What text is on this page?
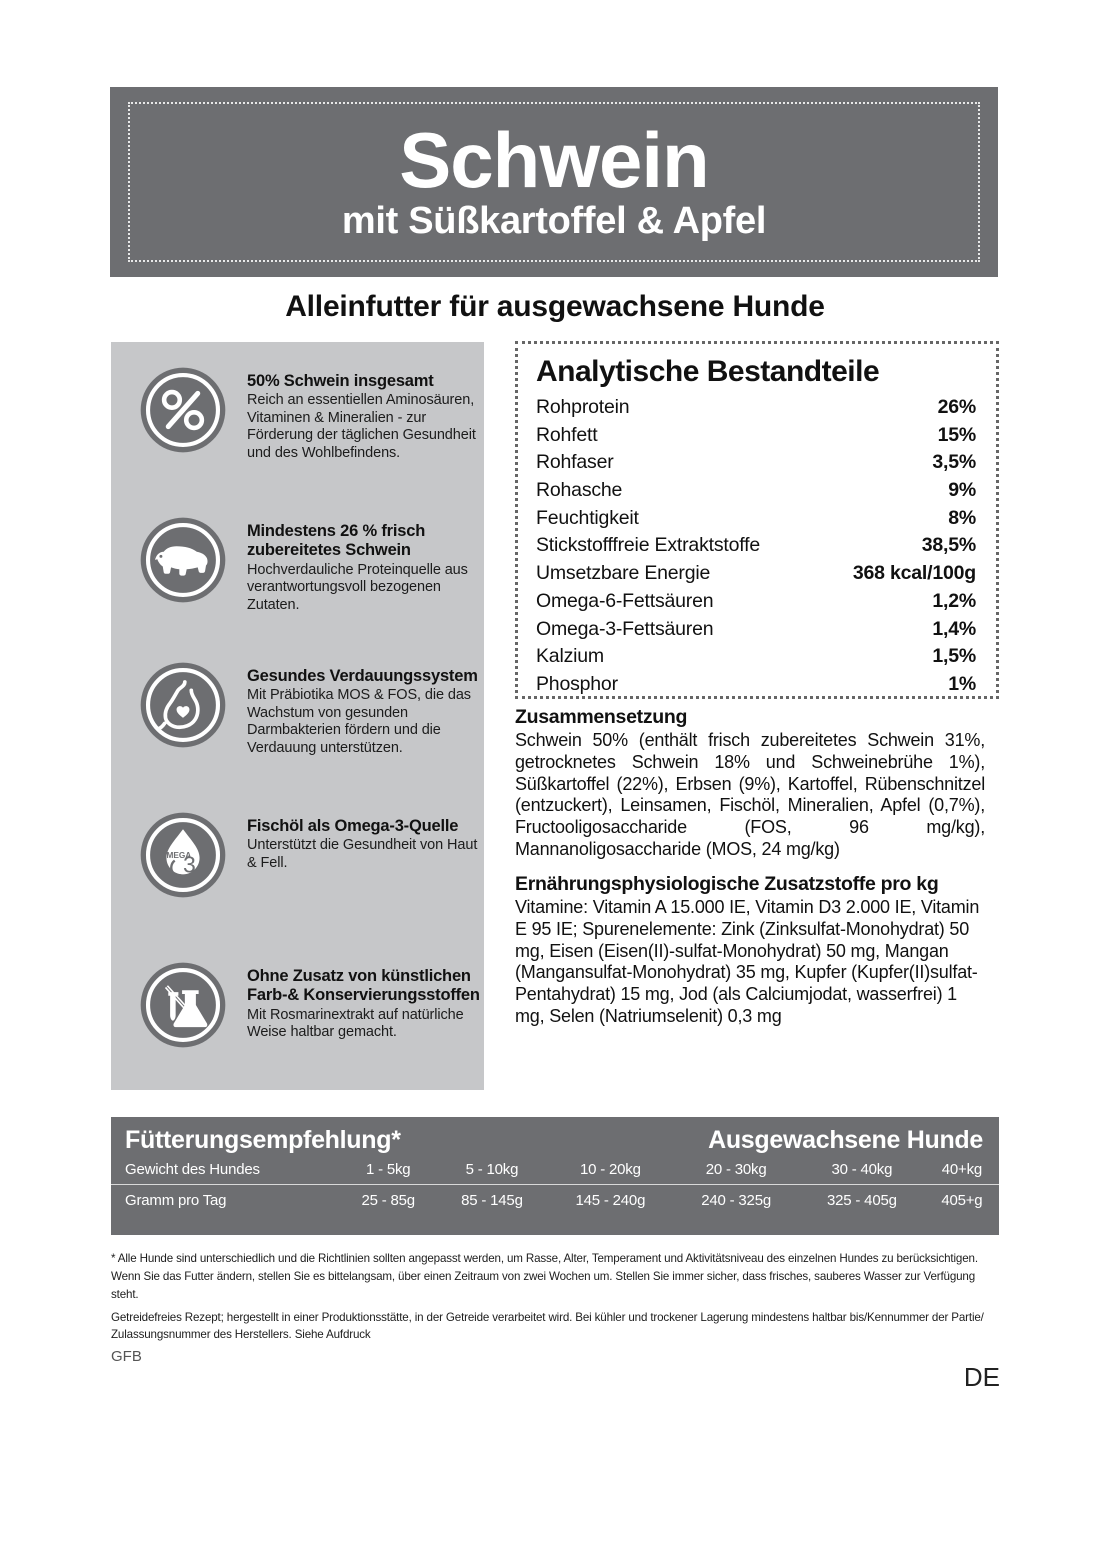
Schwein
mit Süßkartoffel & Apfel
Alleinfutter für ausgewachsene Hunde
50% Schwein insgesamt
Reich an essentiellen Aminosäuren, Vitaminen & Mineralien - zur Förderung der täglichen Gesundheit und des Wohlbefindens.
Mindestens 26 % frisch zubereitetes Schwein
Hochverdauliche Proteinquelle aus verantwortungsvoll bezogenen Zutaten.
Gesundes Verdauungssystem
Mit Präbiotika MOS & FOS, die das Wachstum von gesunden Darmbakterien fördern und die Verdauung unterstützen.
OMEGA
3
Fischöl als Omega-3-Quelle
Unterstützt die Gesundheit von Haut & Fell.
Ohne Zusatz von künstlichen Farb-& Konservierungsstoffen
Mit Rosmarinextrakt auf natürliche Weise haltbar gemacht.
Analytische Bestandteile
Rohprotein	26%
Rohfett	15%
Rohfaser	3,5%
Rohasche	9%
Feuchtigkeit	8%
Stickstofffreie Extraktstoffe	38,5%
Umsetzbare Energie	368 kcal/100g
Omega-6-Fettsäuren	1,2%
Omega-3-Fettsäuren	1,4%
Kalzium	1,5%
Phosphor	1%
Zusammensetzung

Schwein 50% (enthält frisch zubereitetes Schwein 31%, getrocknetes Schwein 18% und Schweinebrühe 1%), Süßkartoffel (22%), Erbsen (9%), Kartoffel, Rübenschnitzel (entzuckert), Leinsamen, Fischöl, Mineralien, Apfel (0,7%), Fructooligosaccharide (FOS, 96 mg/kg), Mannanoligosaccharide (MOS, 24 mg/kg)

Ernährungsphysiologische Zusatzstoffe pro kg

Vitamine: Vitamin A 15.000 IE, Vitamin D3 2.000 IE, Vitamin E 95 IE; Spurenelemente: Zink (Zinksulfat-Monohydrat) 50 mg, Eisen (Eisen(II)-sulfat-Monohydrat) 50 mg, Mangan (Mangansulfat-Monohydrat) 35 mg, Kupfer (Kupfer(II)sulfat-Pentahydrat) 15 mg, Jod (als Calciumjodat, wasserfrei) 1 mg, Selen (Natriumselenit) 0,3 mg

Fütterungsempfehlung*	Ausgewachsene Hunde
Gewicht des Hundes	1 - 5kg	5 - 10kg	10 - 20kg	20 - 30kg	30 - 40kg	40+kg
Gramm pro Tag	25 - 85g	85 - 145g	145 - 240g	240 - 325g	325 - 405g	405+g
* Alle Hunde sind unterschiedlich und die Richtlinien sollten angepasst werden, um Rasse, Alter, Temperament und Aktivitätsniveau des einzelnen Hundes zu berücksichtigen. Wenn Sie das Futter ändern, stellen Sie es bittelangsam, über einen Zeitraum von zwei Wochen um. Stellen Sie immer sicher, dass frisches, sauberes Wasser zur Verfügung steht.
Getreidefreies Rezept; hergestellt in einer Produktionsstätte, in der Getreide verarbeitet wird. Bei kühler und trockener Lagerung mindestens haltbar bis/Kennummer der Partie/ Zulassungsnummer des Herstellers. Siehe Aufdruck
GFB
DE
